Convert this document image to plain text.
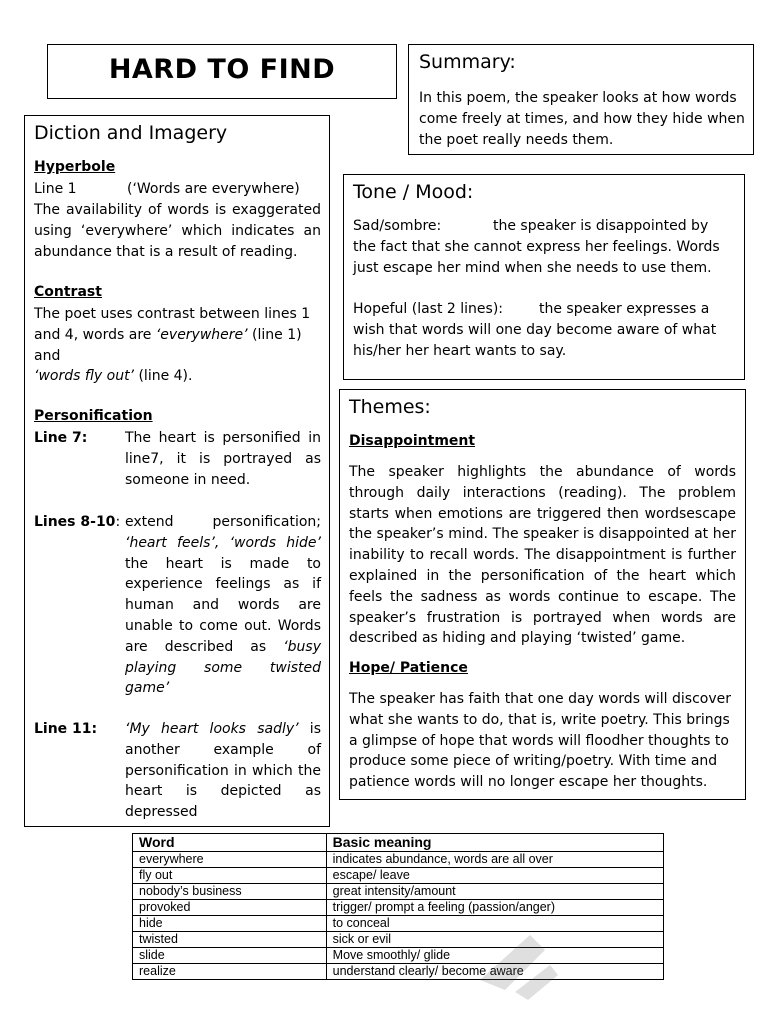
HARD TO FIND	Summary:
In this poem, the speaker looks at how words come freely at times, and how they hide when the poet really needs them.
Diction and Imagery
Hyperbole
Line 1	(‘Words are everywhere)
The availability of words is exaggerated using ‘everywhere’ which indicates an abundance that is a result of reading.
Contrast
The poet uses contrast between lines 1 and 4, words are ‘everywhere’ (line 1) and
‘words fly out’ (line 4).
Personification
Line 7:	The heart is personified in line7, it is portrayed as someone in need.
Lines 8-10: extend personification; ‘heart feels’, ‘words hide’ the heart is made to experience feelings as if human and words are unable to come out. Words are described as ‘busy playing some twisted game’
Line 11: ‘My heart looks sadly’ is another example of personification in which the heart is depicted as depressed
Tone / Mood:
Sad/sombre:	the speaker is disappointed by the fact that she cannot express her feelings. Words just escape her mind when she needs to use them.
Hopeful (last 2 lines):	the speaker expresses a wish that words will one day become aware of what his/her her heart wants to say.
Themes:
Disappointment
The speaker highlights the abundance of words through daily interactions (reading). The problem starts when emotions are triggered then wordsescape the speaker’s mind. The speaker is disappointed at her inability to recall words. The disappointment is further explained in the personification of the heart which feels the sadness as words continue to escape. The speaker’s frustration is portrayed when words are described as hiding and playing ‘twisted’ game.
Hope/ Patience
The speaker has faith that one day words will discover what she wants to do, that is, write poetry. This brings a glimpse of hope that words will floodher thoughts to produce some piece of writing/poetry. With time and patience words will no longer escape her thoughts.
Word	Basic meaning
everywhere	indicates abundance, words are all over
fly out	escape/ leave
nobody’s business	great intensity/amount
provoked	trigger/ prompt a feeling (passion/anger)
hide	to conceal
twisted	sick or evil
slide	Move smoothly/ glide
realize	understand clearly/ become aware
